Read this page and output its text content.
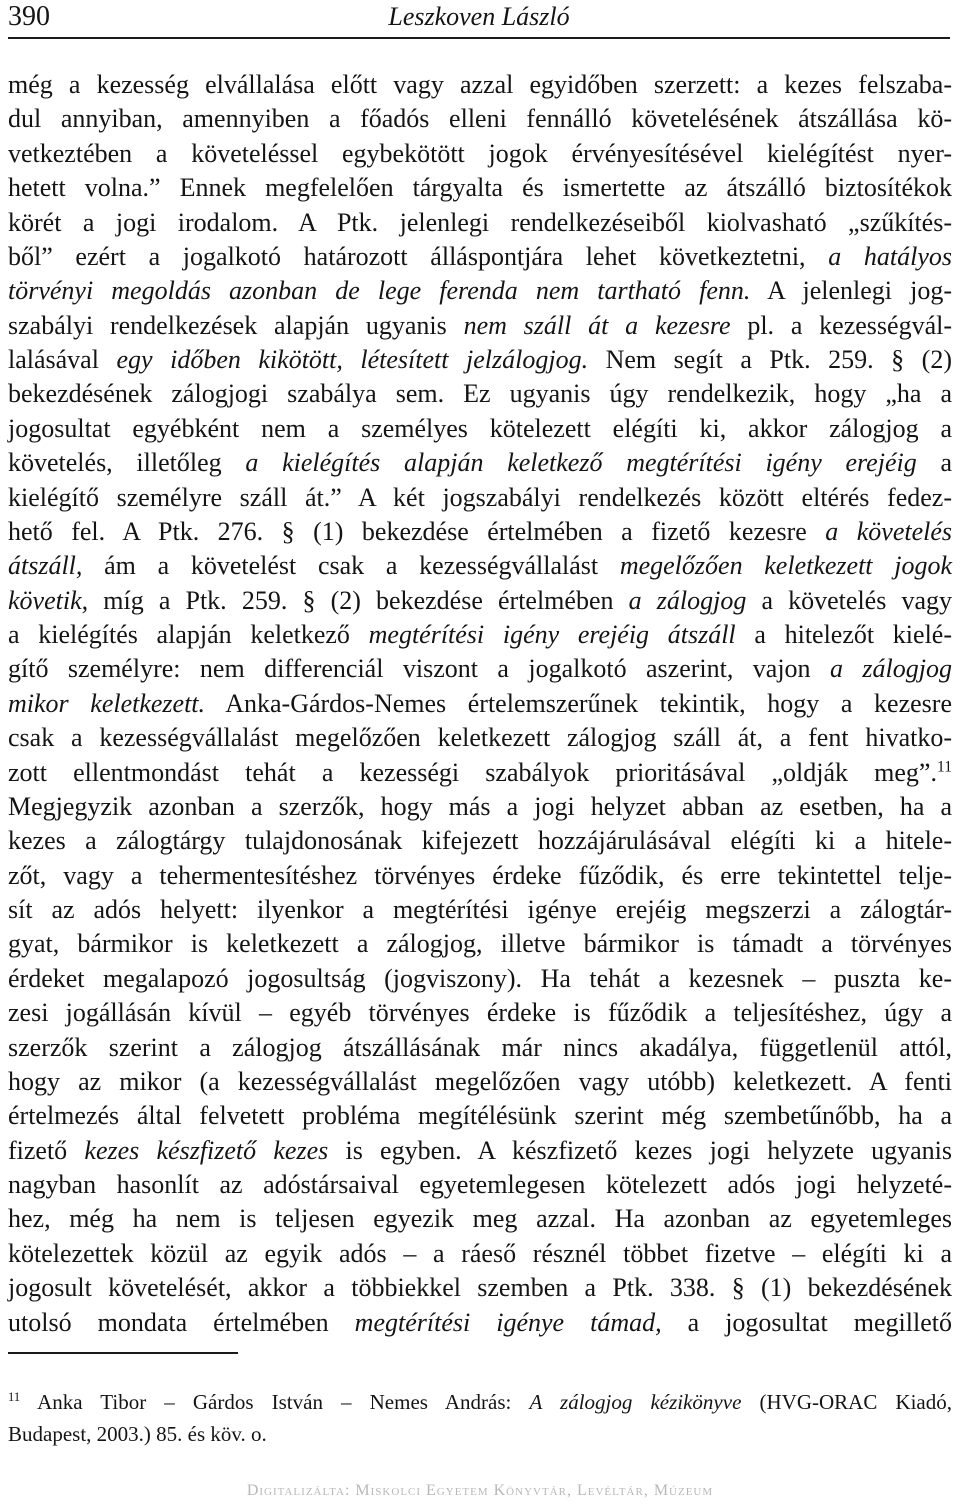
390	Leszkoven László
még a kezesség elvállalása előtt vagy azzal egyidőben szerzett: a kezes felszaba-
dul annyiban, amennyiben a főadós elleni fennálló követelésének átszállása kö-
vetkeztében a követeléssel egybekötött jogok érvényesítésével kielégítést nyer-
hetett volna.” Ennek megfelelően tárgyalta és ismertette az átszálló biztosítékok
körét a jogi irodalom. A Ptk. jelenlegi rendelkezéseiből kiolvasható „szűkítés-
ből” ezért a jogalkotó határozott álláspontjára lehet következtetni, a hatályos
törvényi megoldás azonban de lege ferenda nem tartható fenn. A jelenlegi jog-
szabályi rendelkezések alapján ugyanis nem száll át a kezesre pl. a kezességvál-
lalásával egy időben kikötött, létesített jelzálogjog. Nem segít a Ptk. 259. § (2)
bekezdésének zálogjogi szabálya sem. Ez ugyanis úgy rendelkezik, hogy „ha a
jogosultat egyébként nem a személyes kötelezett elégíti ki, akkor zálogjog a
követelés, illetőleg a kielégítés alapján keletkező megtérítési igény erejéig a
kielégítő személyre száll át.” A két jogszabályi rendelkezés között eltérés fedez-
hető fel. A Ptk. 276. § (1) bekezdése értelmében a fizető kezesre a követelés
átszáll, ám a követelést csak a kezességvállalást megelőzően keletkezett jogok
követik, míg a Ptk. 259. § (2) bekezdése értelmében a zálogjog a követelés vagy
a kielégítés alapján keletkező megtérítési igény erejéig átszáll a hitelezőt kielé-
gítő személyre: nem differenciál viszont a jogalkotó aszerint, vajon a zálogjog
mikor keletkezett. Anka-Gárdos-Nemes értelemszerűnek tekintik, hogy a kezesre
csak a kezességvállalást megelőzően keletkezett zálogjog száll át, a fent hivatko-
zott ellentmondást tehát a kezességi szabályok prioritásával „oldják meg”.$^{11}$
Megjegyzik azonban a szerzők, hogy más a jogi helyzet abban az esetben, ha a
kezes a zálogtárgy tulajdonosának kifejezett hozzájárulásával elégíti ki a hitele-
zőt, vagy a tehermentesítéshez törvényes érdeke fűződik, és erre tekintettel telje-
sít az adós helyett: ilyenkor a megtérítési igénye erejéig megszerzi a zálogtár-
gyat, bármikor is keletkezett a zálogjog, illetve bármikor is támadt a törvényes
érdeket megalapozó jogosultság (jogviszony). Ha tehát a kezesnek – puszta ke-
zesi jogállásán kívül – egyéb törvényes érdeke is fűződik a teljesítéshez, úgy a
szerzők szerint a zálogjog átszállásának már nincs akadálya, függetlenül attól,
hogy az mikor (a kezességvállalást megelőzően vagy utóbb) keletkezett. A fenti
értelmezés által felvetett probléma megítélésünk szerint még szembetűnőbb, ha a
fizető kezes készfizető kezes is egyben. A készfizető kezes jogi helyzete ugyanis
nagyban hasonlít az adóstársaival egyetemlegesen kötelezett adós jogi helyzeté-
hez, még ha nem is teljesen egyezik meg azzal. Ha azonban az egyetemleges
kötelezettek közül az egyik adós – a ráeső résznél többet fizetve – elégíti ki a
jogosult követelését, akkor a többiekkel szemben a Ptk. 338. § (1) bekezdésének
utolsó mondata értelmében megtérítési igénye támad, a jogosultat megillető
$^{11}$ Anka Tibor – Gárdos István – Nemes András: A zálogjog kézikönyve (HVG-ORAC Kiadó,
Budapest, 2003.) 85. és köv. o.
Digitalizálta: Miskolci Egyetem Könyvtár, Levéltár, Múzeum
